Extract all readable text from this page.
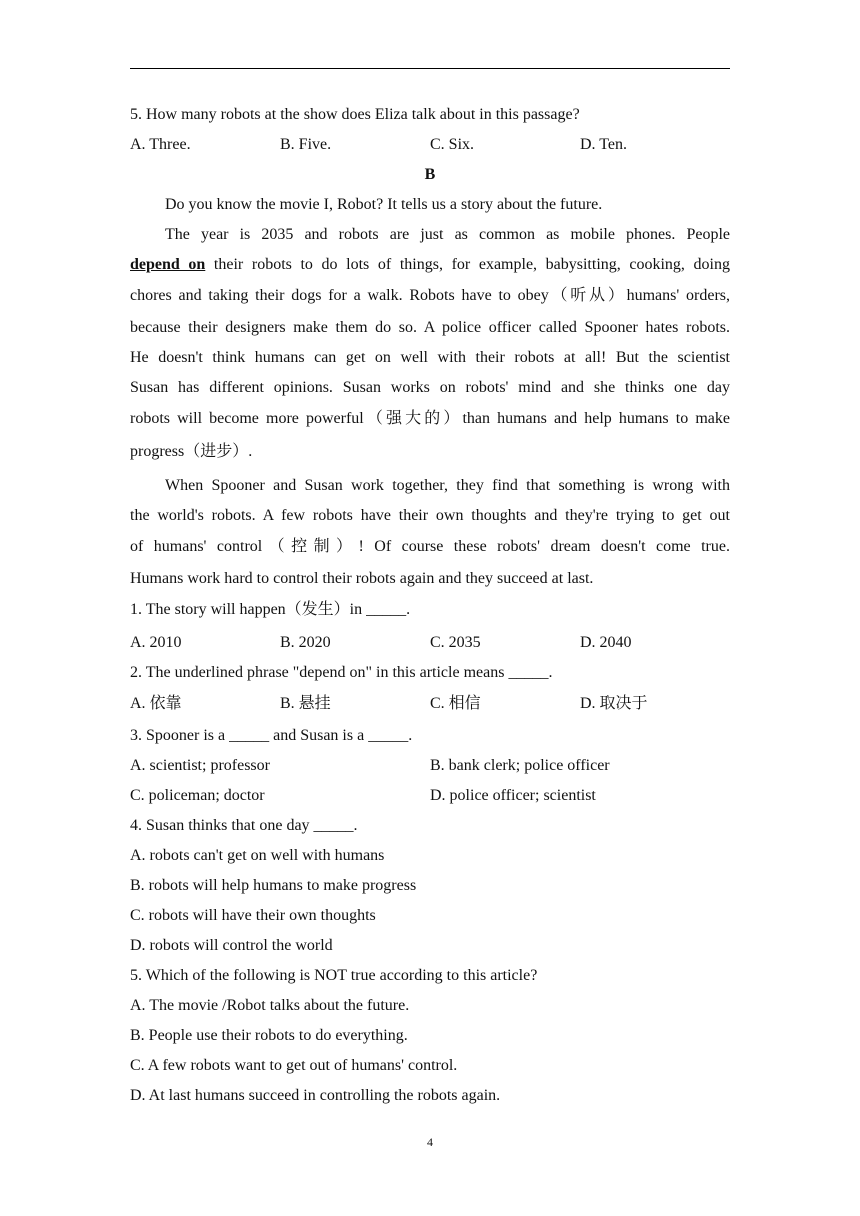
5. How many robots at the show does Eliza talk about in this passage?
A. Three.	B. Five.	C. Six.	D. Ten.
B
Do you know the movie I, Robot? It tells us a story about the future.
The year is 2035 and robots are just as common as mobile phones. People
depend on their robots to do lots of things, for example, babysitting, cooking, doing
chores and taking their dogs for a walk. Robots have to obey（听从）humans' orders,
because their designers make them do so. A police officer called Spooner hates robots.
He doesn't think humans can get on well with their robots at all! But the scientist
Susan has different opinions. Susan works on robots' mind and she thinks one day
robots will become more powerful（强大的）than humans and help humans to make
progress（进步）.
When Spooner and Susan work together, they find that something is wrong with
the world's robots. A few robots have their own thoughts and they're trying to get out
of humans' control（控制）! Of course these robots' dream doesn't come true.
Humans work hard to control their robots again and they succeed at last.
1. The story will happen（发生）in _____.
A. 2010	B. 2020	C. 2035	D. 2040
2. The underlined phrase "depend on" in this article means _____.
A. 依靠	B. 悬挂	C. 相信	D. 取决于
3. Spooner is a _____ and Susan is a _____.
A. scientist; professor	B. bank clerk; police officer
C. policeman; doctor	D. police officer; scientist
4. Susan thinks that one day _____.
A. robots can't get on well with humans
B. robots will help humans to make progress
C. robots will have their own thoughts
D. robots will control the world
5. Which of the following is NOT true according to this article?
A. The movie /Robot talks about the future.
B. People use their robots to do everything.
C. A few robots want to get out of humans' control.
D. At last humans succeed in controlling the robots again.
4
